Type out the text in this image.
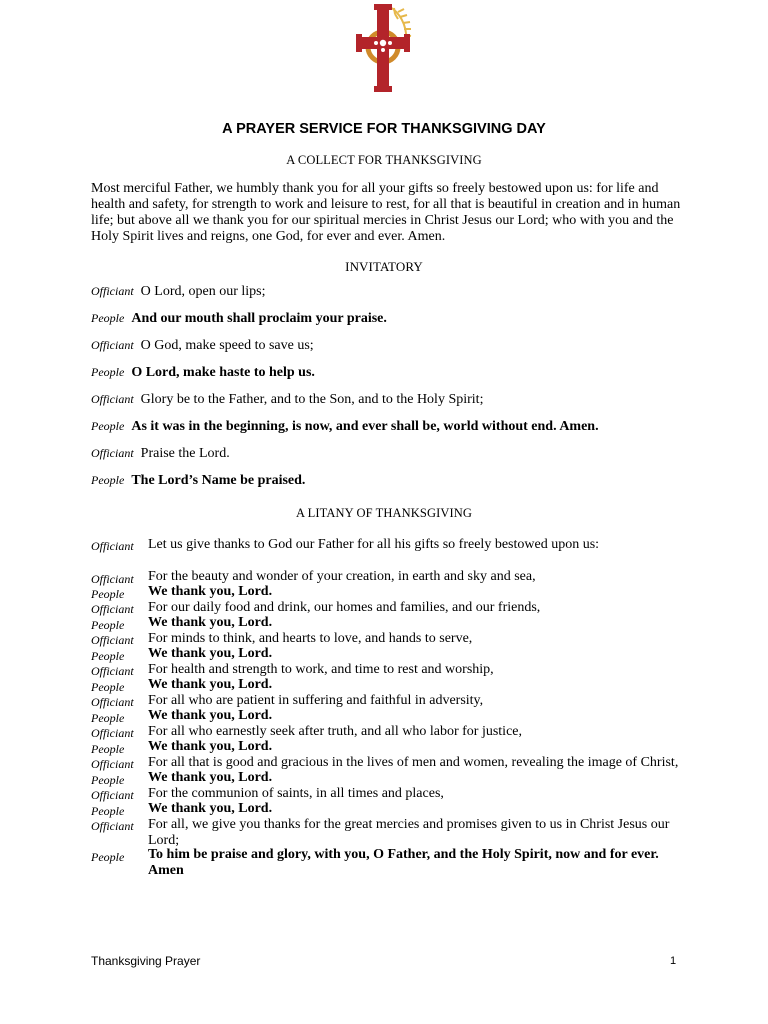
A PRAYER SERVICE FOR THANKSGIVING DAY
A COLLECT FOR THANKSGIVING
Most merciful Father, we humbly thank you for all your gifts so freely bestowed upon us: for life and health and safety, for strength to work and leisure to rest, for all that is beautiful in creation and in human life; but above all we thank you for our spiritual mercies in Christ Jesus our Lord; who with you and the Holy Spirit lives and reigns, one God, for ever and ever. Amen.
INVITATORY
Officiant O Lord, open our lips;
People And our mouth shall proclaim your praise.
Officiant O God, make speed to save us;
People O Lord, make haste to help us.
Officiant Glory be to the Father, and to the Son, and to the Holy Spirit;
People As it was in the beginning, is now, and ever shall be, world without end. Amen.
Officiant Praise the Lord.
People The Lord’s Name be praised.
A LITANY OF THANKSGIVING
Officiant Let us give thanks to God our Father for all his gifts so freely bestowed upon us:
Officiant For the beauty and wonder of your creation, in earth and sky and sea,
People We thank you, Lord.
Officiant For our daily food and drink, our homes and families, and our friends,
People We thank you, Lord.
Officiant For minds to think, and hearts to love, and hands to serve,
People We thank you, Lord.
Officiant For health and strength to work, and time to rest and worship,
People We thank you, Lord.
Officiant For all who are patient in suffering and faithful in adversity,
People We thank you, Lord.
Officiant For all who earnestly seek after truth, and all who labor for justice,
People We thank you, Lord.
Officiant For all that is good and gracious in the lives of men and women, revealing the image of Christ,
People We thank you, Lord.
Officiant For the communion of saints, in all times and places,
People We thank you, Lord.
Officiant For all, we give you thanks for the great mercies and promises given to us in Christ Jesus our Lord;
People To him be praise and glory, with you, O Father, and the Holy Spirit, now and for ever. Amen
Thanksgiving Prayer	1
